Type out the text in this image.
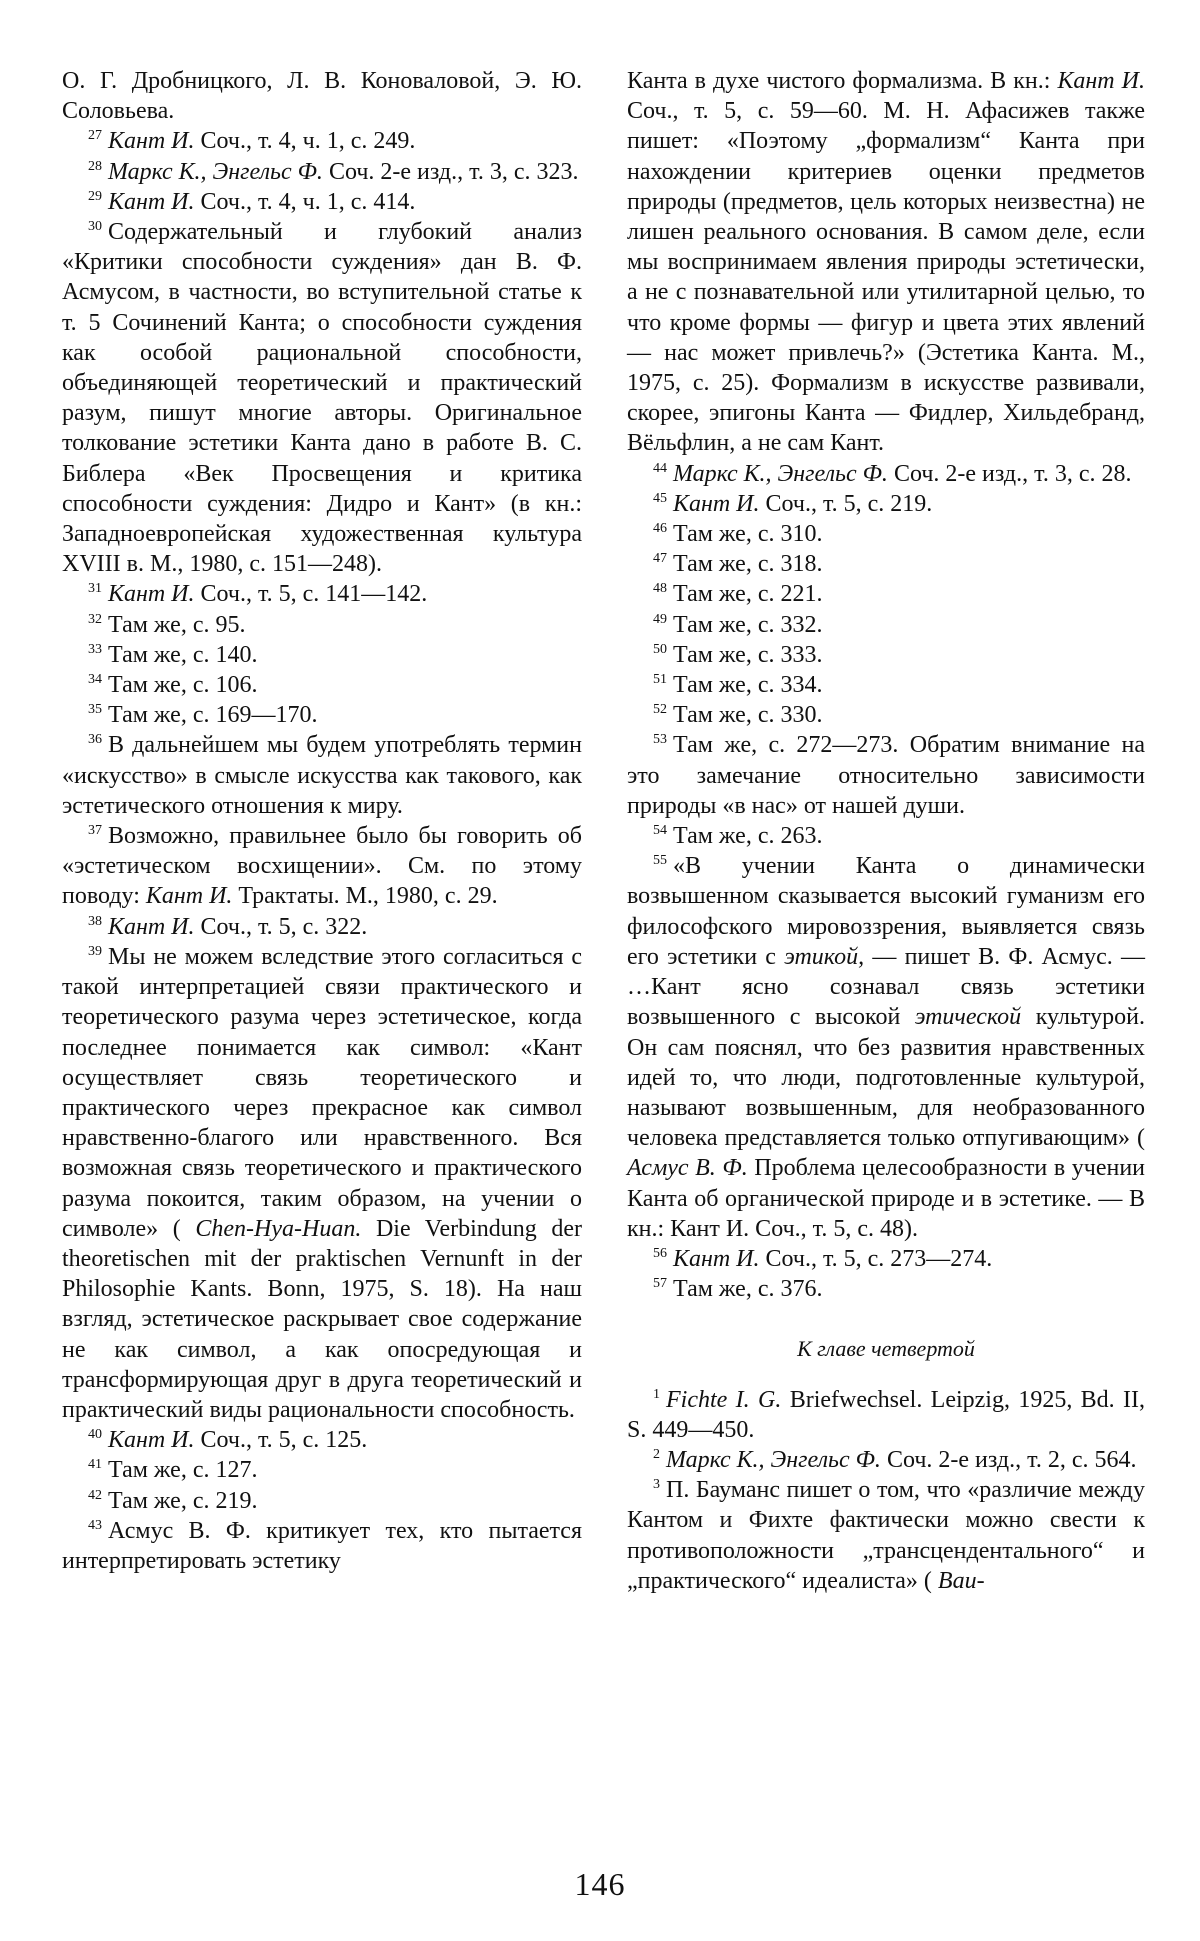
О. Г. Дробницкого, Л. В. Коноваловой, Э. Ю. Соловьева.

$^{27}$ Кант И. Соч., т. 4, ч. 1, с. 249.

$^{28}$ Маркс К., Энгельс Ф. Соч. 2-е изд., т. 3, с. 323.

$^{29}$ Кант И. Соч., т. 4, ч. 1, с. 414.

$^{30}$ Содержательный и глубокий анализ «Критики способности суждения» дан В. Ф. Асмусом, в частности, во вступительной статье к т. 5 Сочинений Канта; о способности суждения как особой рациональной способности, объединяющей теоретический и практический разум, пишут многие авторы. Оригинальное толкование эстетики Канта дано в работе В. С. Библера «Век Просвещения и критика способности суждения: Дидро и Кант» (в кн.: Западноевропейская художественная культура XVIII в. М., 1980, с. 151—248).

$^{31}$ Кант И. Соч., т. 5, с. 141—142.

$^{32}$ Там же, с. 95.

$^{33}$ Там же, с. 140.

$^{34}$ Там же, с. 106.

$^{35}$ Там же, с. 169—170.

$^{36}$ В дальнейшем мы будем употреблять термин «искусство» в смысле искусства как такового, как эстетического отношения к миру.

$^{37}$ Возможно, правильнее было бы говорить об «эстетическом восхищении». См. по этому поводу: Кант И. Трактаты. М., 1980, с. 29.

$^{38}$ Кант И. Соч., т. 5, с. 322.

$^{39}$ Мы не можем вследствие этого согласиться с такой интерпретацией связи практического и теоретического разума через эстетическое, когда последнее понимается как символ: «Кант осуществляет связь теоретического и практического через прекрасное как символ нравственно-благого или нравственного. Вся возможная связь теоретического и практического разума покоится, таким образом, на учении о символе» ( Chen-Hya-Huan. Die Verbindung der theoretischen mit der praktischen Vernunft in der Philosophie Kants. Bonn, 1975, S. 18). На наш взгляд, эстетическое раскрывает свое содержание не как символ, а как опосредующая и трансформирующая друг в друга теоретический и практический виды рациональности способность.

$^{40}$ Кант И. Соч., т. 5, с. 125.

$^{41}$ Там же, с. 127.

$^{42}$ Там же, с. 219.

$^{43}$ Асмус В. Ф. критикует тех, кто пытается интерпретировать эстетику

Канта в духе чистого формализма. В кн.: Кант И. Соч., т. 5, с. 59—60. М. Н. Афасижев также пишет: «Поэтому „формализм“ Канта при нахождении критериев оценки предметов природы (предметов, цель которых неизвестна) не лишен реального основания. В самом деле, если мы воспринимаем явления природы эстетически, а не с познавательной или утилитарной целью, то что кроме формы — фигур и цвета этих явлений — нас может привлечь?» (Эстетика Канта. М., 1975, с. 25). Формализм в искусстве развивали, скорее, эпигоны Канта — Фидлер, Хильдебранд, Вёльфлин, а не сам Кант.

$^{44}$ Маркс К., Энгельс Ф. Соч. 2-е изд., т. 3, с. 28.

$^{45}$ Кант И. Соч., т. 5, с. 219.

$^{46}$ Там же, с. 310.

$^{47}$ Там же, с. 318.

$^{48}$ Там же, с. 221.

$^{49}$ Там же, с. 332.

$^{50}$ Там же, с. 333.

$^{51}$ Там же, с. 334.

$^{52}$ Там же, с. 330.

$^{53}$ Там же, с. 272—273. Обратим внимание на это замечание относительно зависимости природы «в нас» от нашей души.

$^{54}$ Там же, с. 263.

$^{55}$ «В учении Канта о динамически возвышенном сказывается высокий гуманизм его философского мировоззрения, выявляется связь его эстетики с этикой, — пишет В. Ф. Асмус. — …Кант ясно сознавал связь эстетики возвышенного с высокой этической культурой. Он сам пояснял, что без развития нравственных идей то, что люди, подготовленные культурой, называют возвышенным, для необразованного человека представляется только отпугивающим» ( Асмус В. Ф. Проблема целесообразности в учении Канта об органической природе и в эстетике. — В кн.: Кант И. Соч., т. 5, с. 48).

$^{56}$ Кант И. Соч., т. 5, с. 273—274.

$^{57}$ Там же, с. 376.

К главе четвертой

$^1$ Fichte I. G. Briefwechsel. Leipzig, 1925, Bd. II, S. 449—450.

$^2$ Маркс К., Энгельс Ф. Соч. 2-е изд., т. 2, с. 564.

$^3$ П. Бауманс пишет о том, что «различие между Кантом и Фихте фактически можно свести к противоположности „трансцендентального“ и „практического“ идеалиста» ( Bau-

146
